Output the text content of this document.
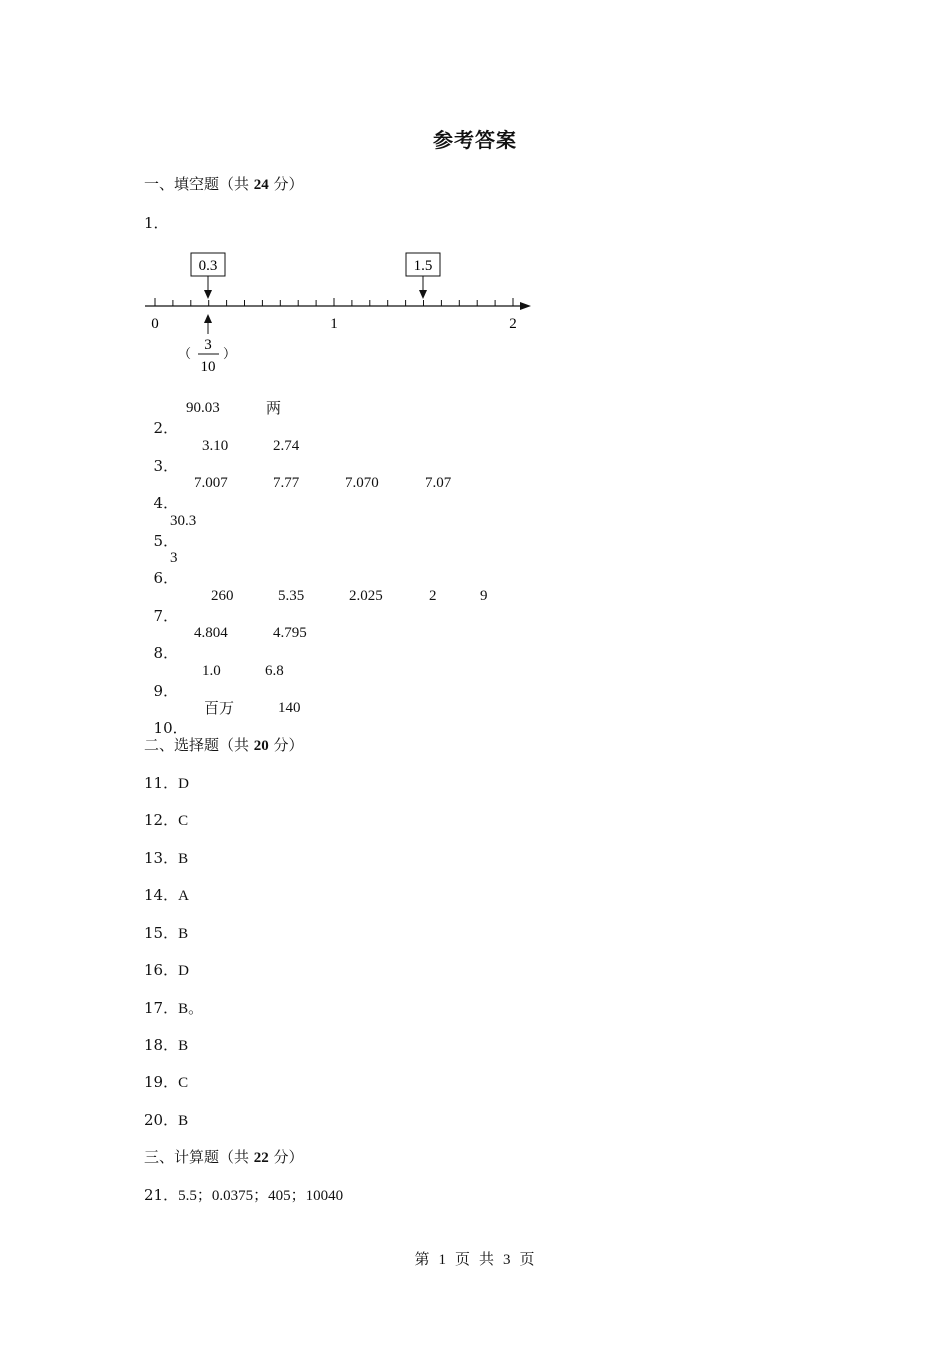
参考答案
一、填空题（共 24 分）
1．
0	1	2
0.3	1.5
（
3
10
）

2．

90.03

	两

3．

3.10

	2.74

4．

7.007

	7.77

	7.070

	7.07

5．

30.3

6．

3

7．

260

	5.35

	2.025

	2

	9

8．

4.804

	4.795

9．

1.0

	6.8

10．

百万

	140

二、选择题（共 20 分）
11．D
12．C
13．B
14．A
15．B
16．D
17．B。
18．B
19．C
20．B
三、计算题（共 22 分）
21．5.5；0.0375；405；10040
第 1 页 共 3 页
